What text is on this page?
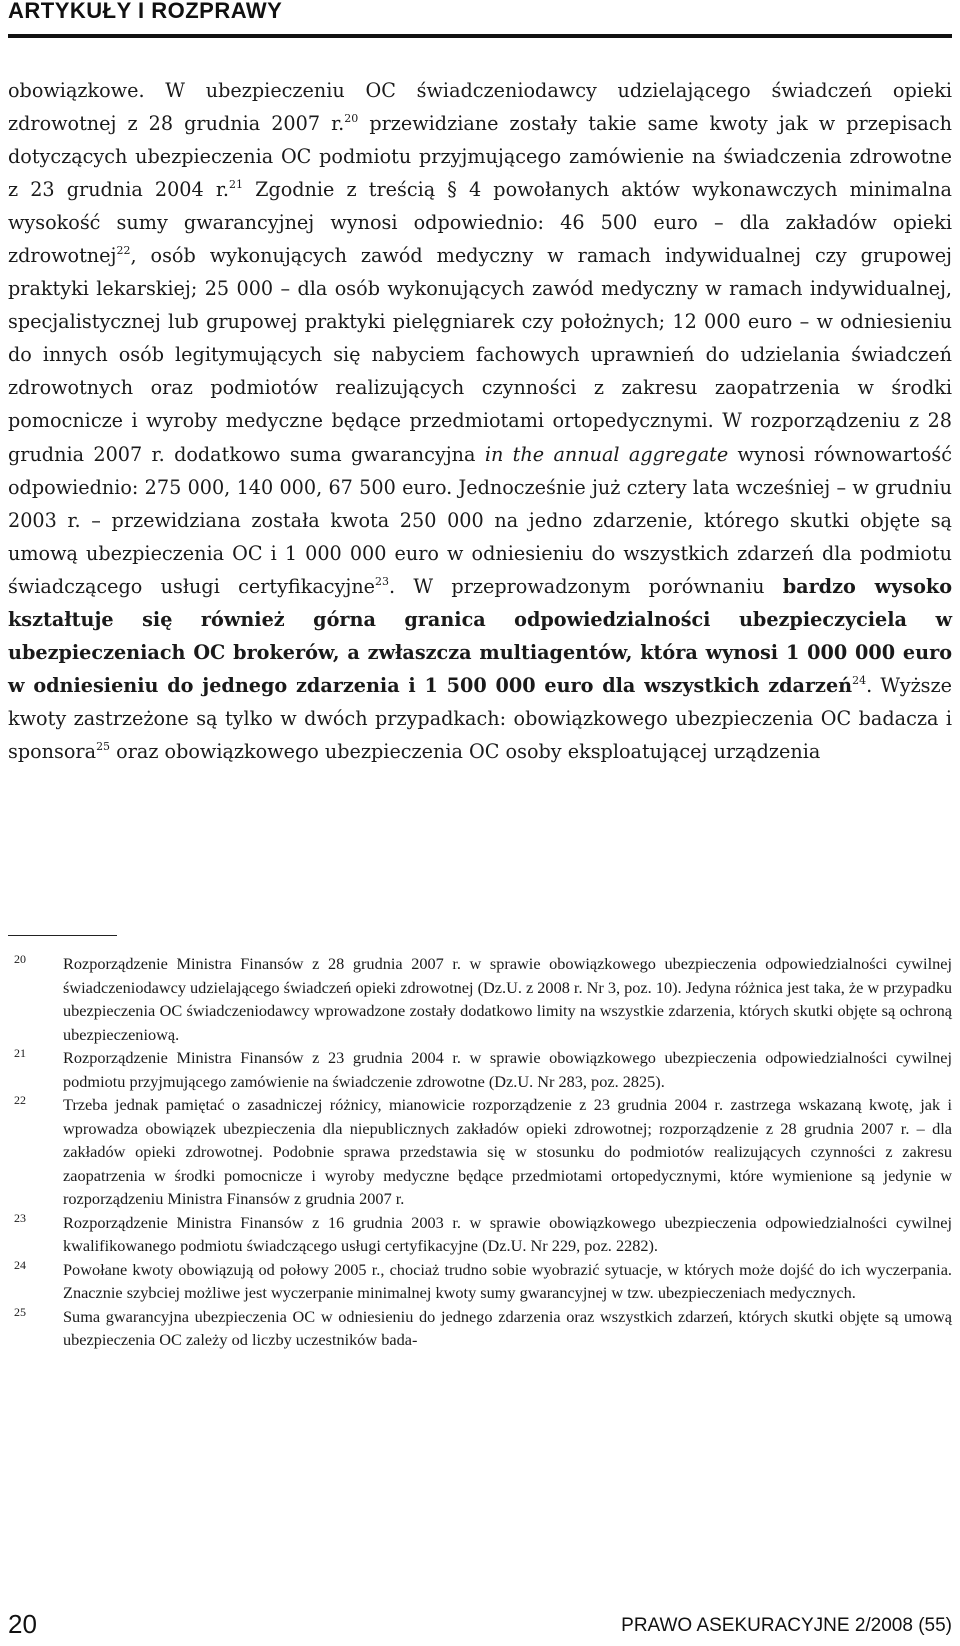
ARTYKUŁY I ROZPRAWY

obowiązkowe. W ubezpieczeniu OC świadczeniodawcy udzielającego świadczeń opieki zdrowotnej z 28 grudnia 2007 r.$^{20}$ przewidziane zostały takie same kwoty jak w przepisach dotyczących ubezpieczenia OC podmiotu przyjmującego zamówienie na świadczenia zdrowotne z 23 grudnia 2004 r.$^{21}$ Zgodnie z treścią § 4 powołanych aktów wykonawczych minimalna wysokość sumy gwarancyjnej wynosi odpowiednio: 46 500 euro – dla zakładów opieki zdrowotnej$^{22}$, osób wykonujących zawód medyczny w ramach indywidualnej czy grupowej praktyki lekarskiej; 25 000 – dla osób wykonujących zawód medyczny w ramach indywidualnej, specjalistycznej lub grupowej praktyki pielęgniarek czy położnych; 12 000 euro – w odniesieniu do innych osób legitymujących się nabyciem fachowych uprawnień do udzielania świadczeń zdrowotnych oraz podmiotów realizujących czynności z zakresu zaopatrzenia w środki pomocnicze i wyroby medyczne będące przedmiotami ortopedycznymi. W rozporządzeniu z 28 grudnia 2007 r. dodatkowo suma gwarancyjna in the annual aggregate wynosi równowartość odpowiednio: 275 000, 140 000, 67 500 euro. Jednocześnie już cztery lata wcześniej – w grudniu 2003 r. – przewidziana została kwota 250 000 na jedno zdarzenie, którego skutki objęte są umową ubezpieczenia OC i 1 000 000 euro w odniesieniu do wszystkich zdarzeń dla podmiotu świadczącego usługi certyfikacyjne$^{23}$. W przeprowadzonym porównaniu bardzo wysoko kształtuje się również górna granica odpowiedzialności ubezpieczyciela w ubezpieczeniach OC brokerów, a zwłaszcza multiagentów, która wynosi 1 000 000 euro w odniesieniu do jednego zdarzenia i 1 500 000 euro dla wszystkich zdarzeń$^{24}$. Wyższe kwoty zastrzeżone są tylko w dwóch przypadkach: obowiązkowego ubezpieczenia OC badacza i sponsora$^{25}$ oraz obowiązkowego ubezpieczenia OC osoby eksploatującej urządzenia

20 Rozporządzenie Ministra Finansów z 28 grudnia 2007 r. w sprawie obowiązkowego ubezpieczenia odpowiedzialności cywilnej świadczeniodawcy udzielającego świadczeń opieki zdrowotnej (Dz.U. z 2008 r. Nr 3, poz. 10). Jedyna różnica jest taka, że w przypadku ubezpieczenia OC świadczeniodawcy wprowadzone zostały dodatkowo limity na wszystkie zdarzenia, których skutki objęte są ochroną ubezpieczeniową.
21 Rozporządzenie Ministra Finansów z 23 grudnia 2004 r. w sprawie obowiązkowego ubezpieczenia odpowiedzialności cywilnej podmiotu przyjmującego zamówienie na świadczenie zdrowotne (Dz.U. Nr 283, poz. 2825).
22 Trzeba jednak pamiętać o zasadniczej różnicy, mianowicie rozporządzenie z 23 grudnia 2004 r. zastrzega wskazaną kwotę, jak i wprowadza obowiązek ubezpieczenia dla niepublicznych zakładów opieki zdrowotnej; rozporządzenie z 28 grudnia 2007 r. – dla zakładów opieki zdrowotnej. Podobnie sprawa przedstawia się w stosunku do podmiotów realizujących czynności z zakresu zaopatrzenia w środki pomocnicze i wyroby medyczne będące przedmiotami ortopedycznymi, które wymienione są jedynie w rozporządzeniu Ministra Finansów z grudnia 2007 r.
23 Rozporządzenie Ministra Finansów z 16 grudnia 2003 r. w sprawie obowiązkowego ubezpieczenia odpowiedzialności cywilnej kwalifikowanego podmiotu świadczącego usługi certyfikacyjne (Dz.U. Nr 229, poz. 2282).
24 Powołane kwoty obowiązują od połowy 2005 r., chociaż trudno sobie wyobrazić sytuacje, w których może dojść do ich wyczerpania. Znacznie szybciej możliwe jest wyczerpanie minimalnej kwoty sumy gwarancyjnej w tzw. ubezpieczeniach medycznych.
25 Suma gwarancyjna ubezpieczenia OC w odniesieniu do jednego zdarzenia oraz wszystkich zdarzeń, których skutki objęte są umową ubezpieczenia OC zależy od liczby uczestników bada-
20	PRAWO ASEKURACYJNE 2/2008 (55)
